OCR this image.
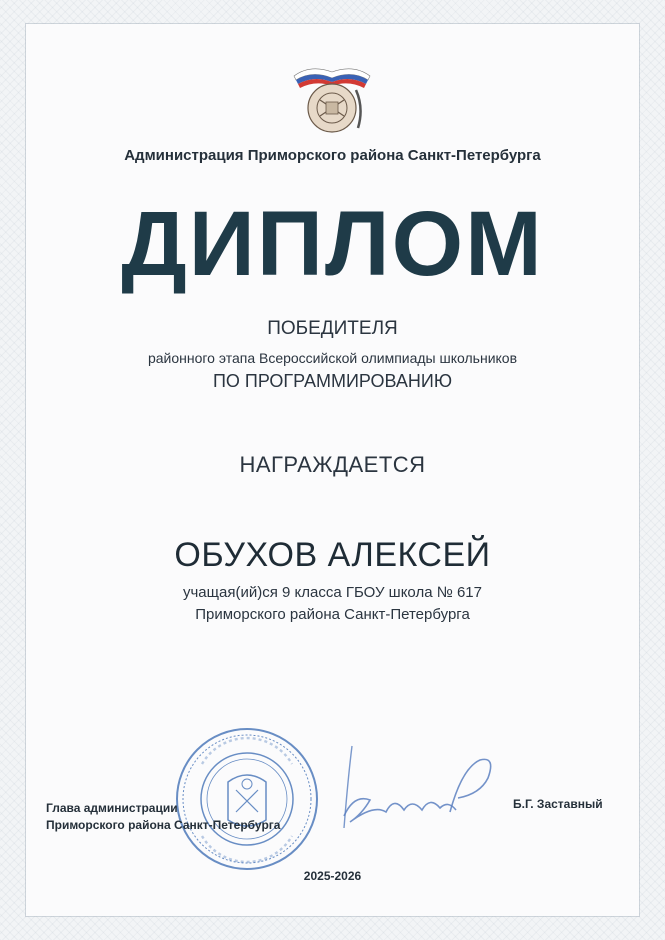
Администрация Приморского района Санкт-Петербурга
ДИПЛОМ
ПОБЕДИТЕЛЯ
районного этапа Всероссийской олимпиады школьников
ПО ПРОГРАММИРОВАНИЮ
НАГРАЖДАЕТСЯ
ОБУХОВ АЛЕКСЕЙ
учащая(ий)ся 9 класса ГБОУ школа № 617
Приморского района Санкт-Петербурга
Глава администрации
Приморского района Санкт-Петербурга
Б.Г. Заставный
2025-2026
